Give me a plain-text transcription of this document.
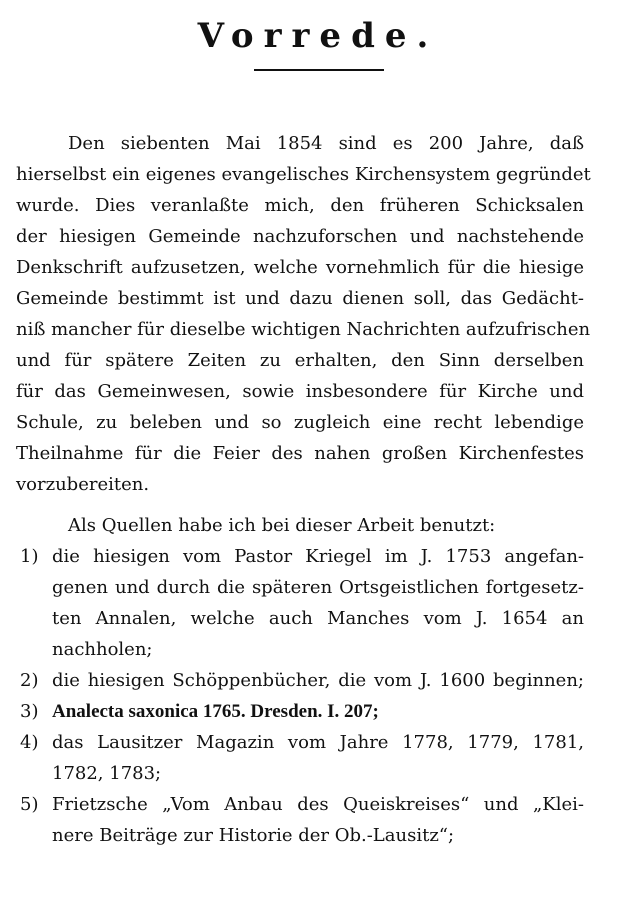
Vorrede.

Den siebenten Mai 1854 sind es 200 Jahre, daß
hierselbst ein eigenes evangelisches Kirchensystem gegründet
wurde. Dies veranlaßte mich, den früheren Schicksalen
der hiesigen Gemeinde nachzuforschen und nachstehende
Denkschrift aufzusetzen, welche vornehmlich für die hiesige
Gemeinde bestimmt ist und dazu dienen soll, das Gedächt-
niß mancher für dieselbe wichtigen Nachrichten aufzufrischen
und für spätere Zeiten zu erhalten, den Sinn derselben
für das Gemeinwesen, sowie insbesondere für Kirche und
Schule, zu beleben und so zugleich eine recht lebendige
Theilnahme für die Feier des nahen großen Kirchenfestes
vorzubereiten.

Als Quellen habe ich bei dieser Arbeit benutzt:
1) die hiesigen vom Pastor Kriegel im J. 1753 angefan-
genen und durch die späteren Ortsgeistlichen fortgesetz-
ten Annalen, welche auch Manches vom J. 1654 an
nachholen;
2) die hiesigen Schöppenbücher, die vom J. 1600 beginnen;
3) Analecta saxonica 1765. Dresden. I. 207;
4) das Lausitzer Magazin vom Jahre 1778, 1779, 1781,
1782, 1783;
5) Frietzsche „Vom Anbau des Queiskreises“ und „Klei-
nere Beiträge zur Historie der Ob.-Lausitz“;
